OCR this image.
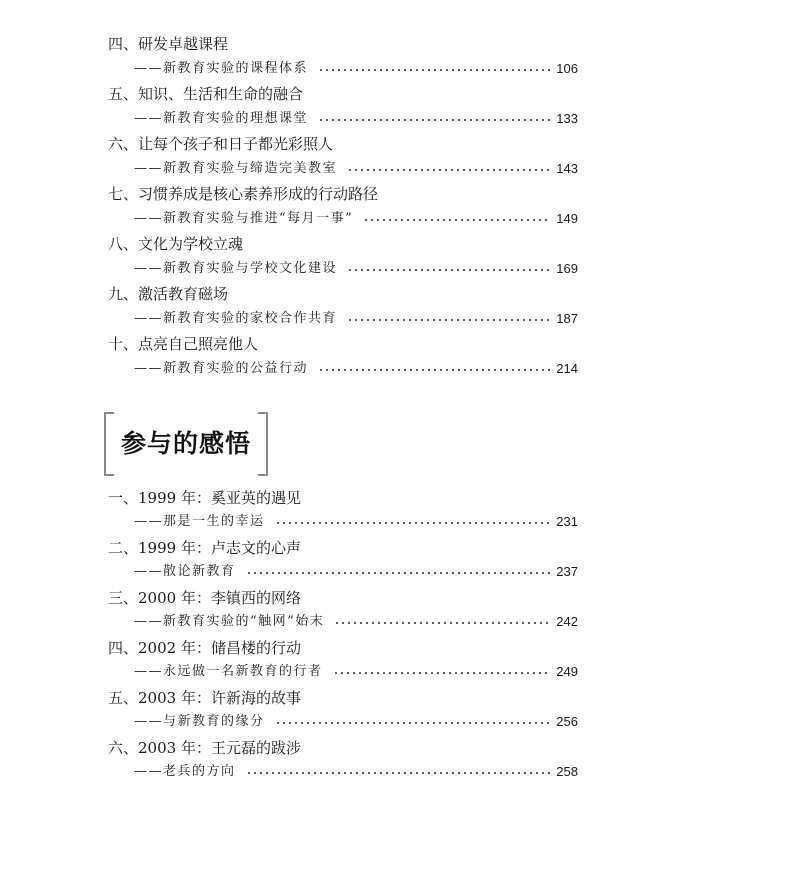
四、研发卓越课程
——新教育实验的课程体系	106
五、知识、生活和生命的融合
——新教育实验的理想课堂	133
六、让每个孩子和日子都光彩照人
——新教育实验与缔造完美教室	143
七、习惯养成是核心素养形成的行动路径
——新教育实验与推进“每月一事”	149
八、文化为学校立魂
——新教育实验与学校文化建设	169
九、激活教育磁场
——新教育实验的家校合作共育	187
十、点亮自己照亮他人
——新教育实验的公益行动	214
参与的感悟
一、1999 年：奚亚英的遇见
——那是一生的幸运	231
二、1999 年：卢志文的心声
——散论新教育	237
三、2000 年：李镇西的网络
——新教育实验的“触网”始末	242
四、2002 年：储昌楼的行动
——永远做一名新教育的行者	249
五、2003 年：许新海的故事
——与新教育的缘分	256
六、2003 年：王元磊的跋涉
——老兵的方向	258
